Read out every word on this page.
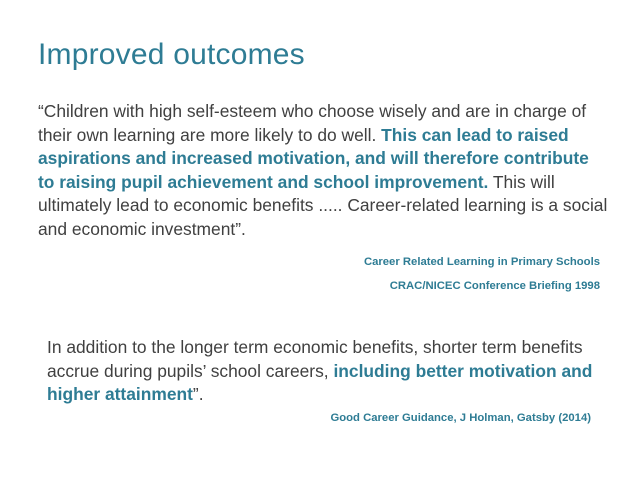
Improved outcomes

“Children with high self-esteem who choose wisely and are in charge of their own learning are more likely to do well. This can lead to raised aspirations and increased motivation, and will therefore contribute to raising pupil achievement and school improvement. This will ultimately lead to economic benefits ..... Career-related learning is a social and economic investment”.

Career Related Learning in Primary Schools
CRAC/NICEC Conference Briefing 1998

In addition to the longer term economic benefits, shorter term benefits accrue during pupils’ school careers, including better motivation and higher attainment”.

Good Career Guidance, J Holman, Gatsby (2014)
